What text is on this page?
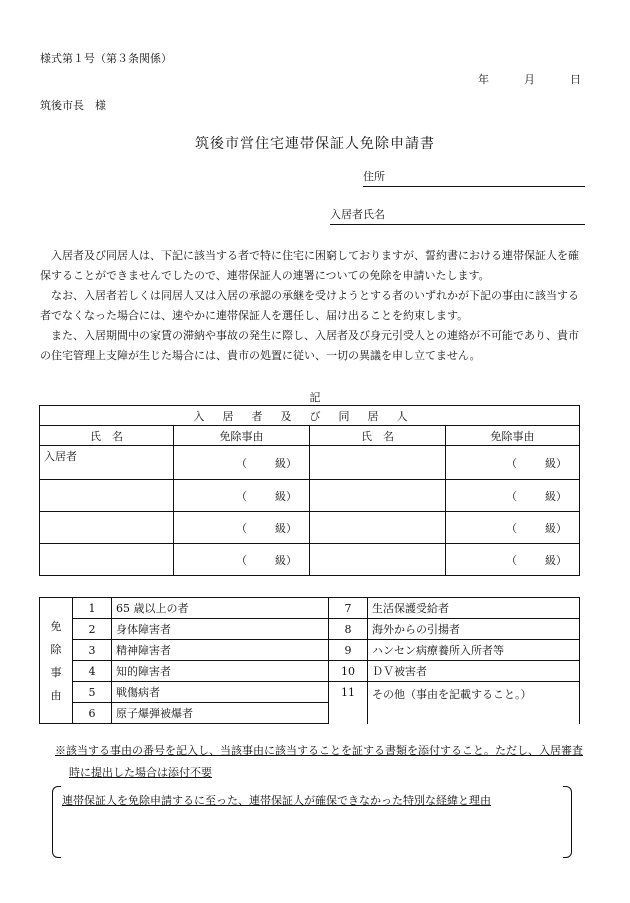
様式第１号（第３条関係）
年	月	日
筑後市長　様
筑後市営住宅連帯保証人免除申請書
住所
入居者氏名

入居者及び同居人は、下記に該当する者で特に住宅に困窮しておりますが、誓約書における連帯保証人を確保することができませんでしたので、連帯保証人の連署についての免除を申請いたします。

なお、入居者若しくは同居人又は入居の承認の承継を受けようとする者のいずれかが下記の事由に該当する者でなくなった場合には、速やかに連帯保証人を選任し、届け出ることを約束します。

また、入居期間中の家賃の滞納や事故の発生に際し、入居者及び身元引受人との連絡が不可能であり、貴市の住宅管理上支障が生じた場合には、貴市の処置に従い、一切の異議を申し立てません。

記
入居者及び同居人			
氏　名	免除事由	氏　名	免除事由
入居者	（ 級）		（ 級）
	（ 級）		（ 級）
	（ 級）		（ 級）
	（ 級）		（ 級）
免
除
事
由	1	65 歳以上の者	7	生活保護受給者
	2	身体障害者	8	海外からの引揚者
	3	精神障害者	9	ハンセン病療養所入所者等
	4	知的障害者	10	ＤＶ被害者
	5	戦傷病者	11	その他（事由を記載すること。）
	6	原子爆弾被爆者		
※該当する事由の番号を記入し、当該事由に該当することを証する書類を添付すること。ただし、入居審査
時に提出した場合は添付不要
連帯保証人を免除申請するに至った、連帯保証人が確保できなかった特別な経緯と理由
